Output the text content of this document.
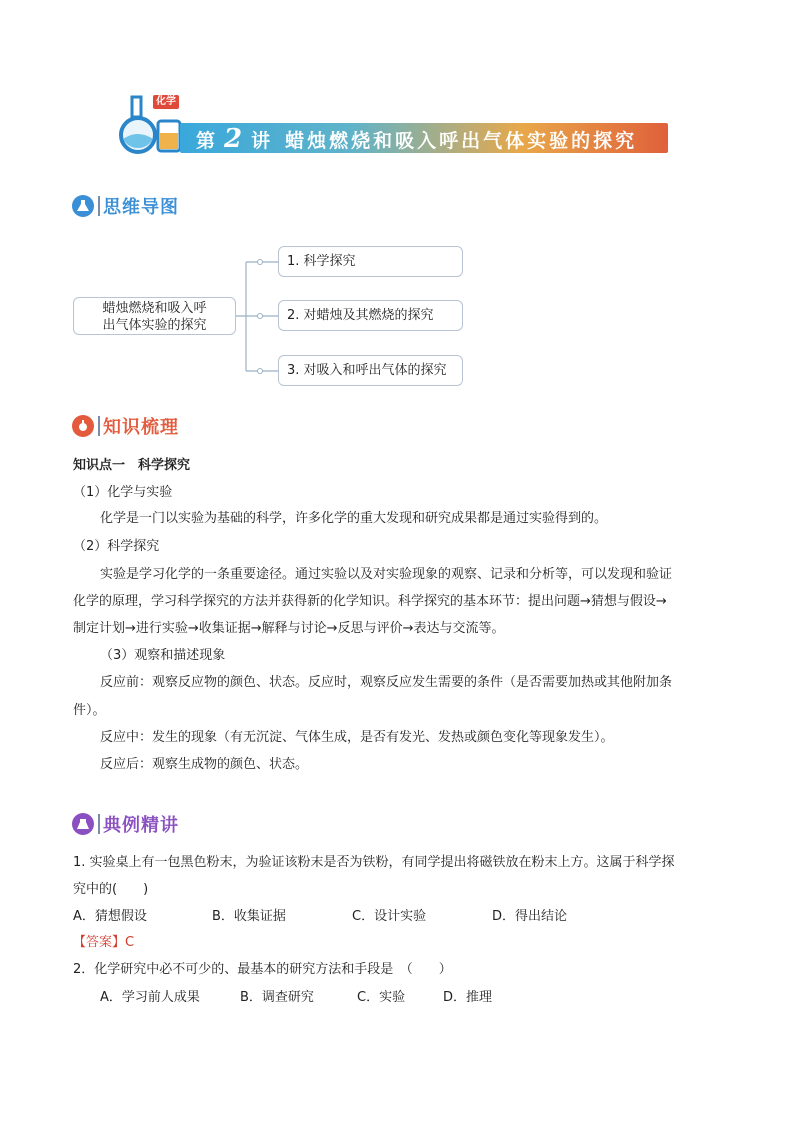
化学
第 2 讲 蜡烛燃烧和吸入呼出气体实验的探究
思维导图
蜡烛燃烧和吸入呼
出气体实验的探究
1. 科学探究
2. 对蜡烛及其燃烧的探究
3. 对吸入和呼出气体的探究
知识梳理
知识点一　科学探究
（1）化学与实验
化学是一门以实验为基础的科学，许多化学的重大发现和研究成果都是通过实验得到的。
（2）科学探究
实验是学习化学的一条重要途径。通过实验以及对实验现象的观察、记录和分析等，可以发现和验证
化学的原理，学习科学探究的方法并获得新的化学知识。科学探究的基本环节：提出问题→猜想与假设→
制定计划→进行实验→收集证据→解释与讨论→反思与评价→表达与交流等。
（3）观察和描述现象
反应前：观察反应物的颜色、状态。反应时，观察反应发生需要的条件（是否需要加热或其他附加条
件）。
反应中：发生的现象（有无沉淀、气体生成，是否有发光、发热或颜色变化等现象发生）。
反应后：观察生成物的颜色、状态。
典例精讲
1. 实验桌上有一包黑色粉末，为验证该粉末是否为铁粉，有同学提出将磁铁放在粉末上方。这属于科学探
究中的(　　)
A．猜想假设	B．收集证据	C．设计实验	D．得出结论
【答案】C
2．化学研究中必不可少的、最基本的研究方法和手段是　（　　）
A．学习前人成果	B．调查研究	C．实验	D．推理
